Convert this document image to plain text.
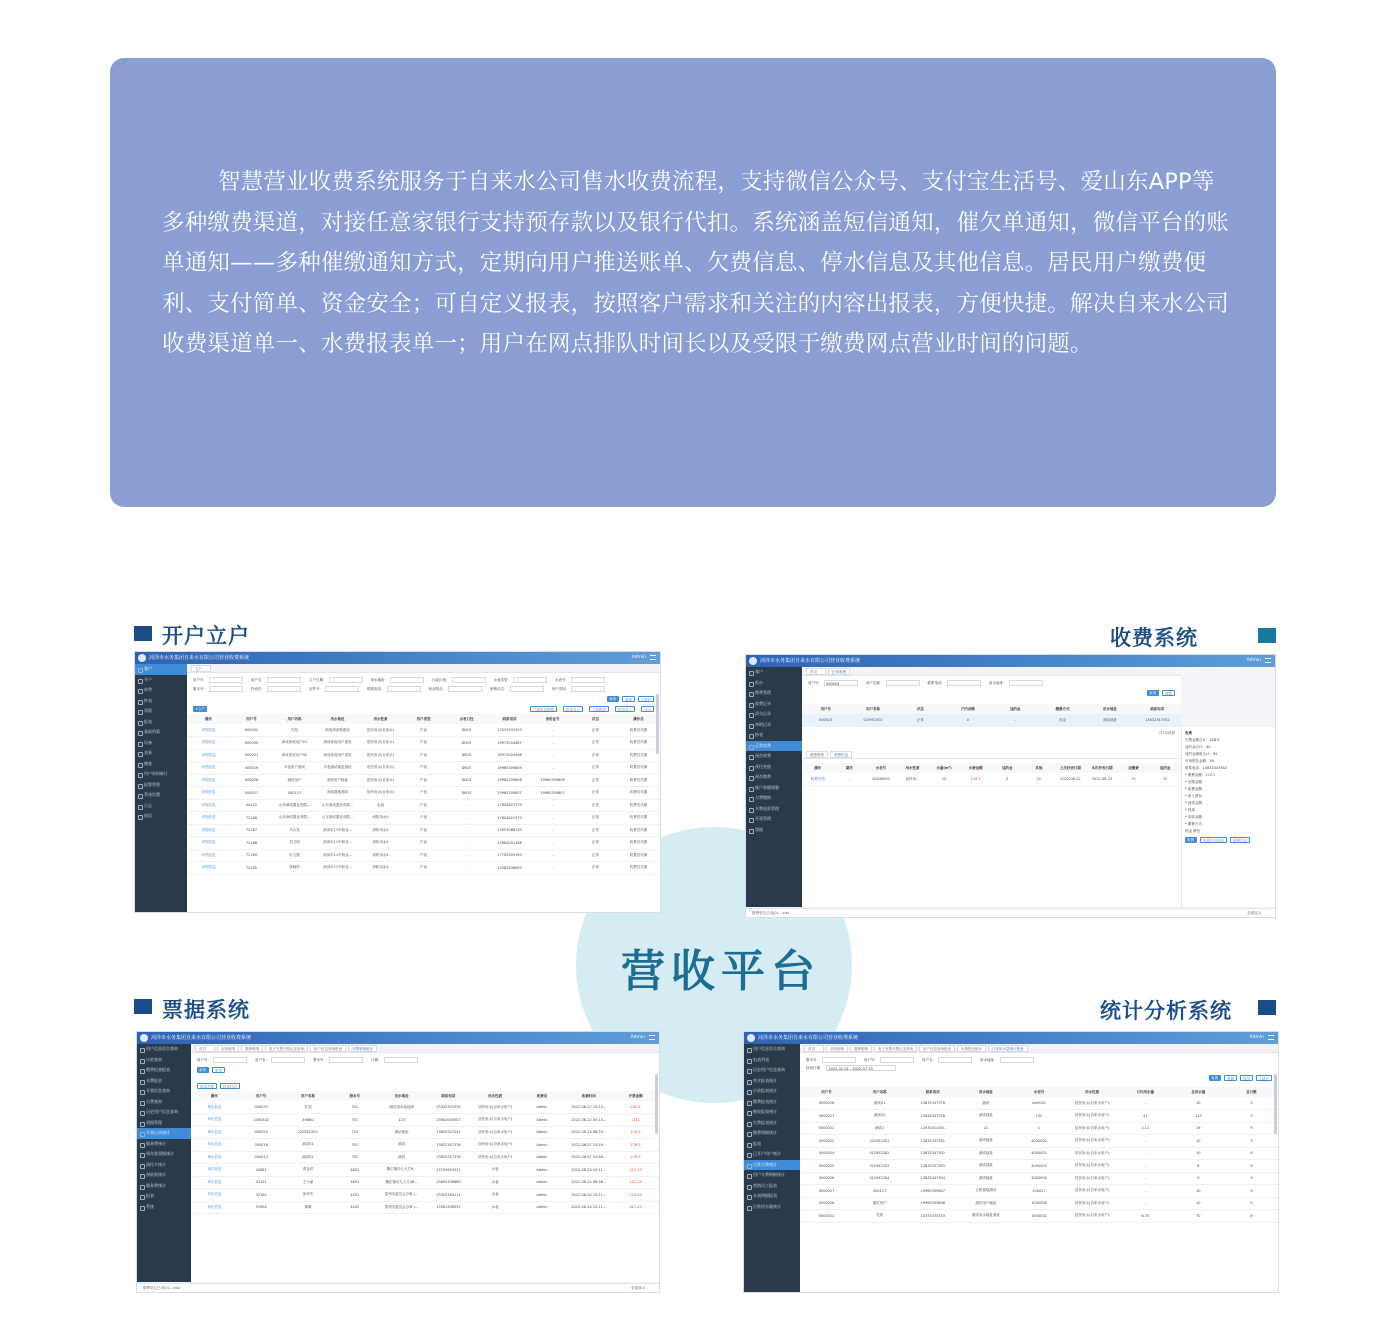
智慧营业收费系统服务于自来水公司售水收费流程，支持微信公众号、支付宝生活号、爱山东APP等多种缴费渠道，对接任意家银行支持预存款以及银行代扣。系统涵盖短信通知，催欠单通知，微信平台的账单通知——多种催缴通知方式，定期向用户推送账单、欠费信息、停水信息及其他信息。居民用户缴费便利、支付简单、资金安全；可自定义报表，按照客户需求和关注的内容出报表，方便快捷。解决自来水公司收费渠道单一、水费报表单一；用户在网点排队时间长以及受限于缴费网点营业时间的问题。

营收平台
开户立户	收费系统
票据系统	统计分析系统
菏泽市水务集团自来水有限公司营业收费系统	Admin
客户
开户
收费
抄表
票据
报表
基础档案
设备
表务
稽查
用户资料修订
报警管理
系统设置
日志
短信
立户
用户号：	用户名：	立户日期：	用水地址：	行政区划：	水表类型：	水表号：
册本号：	抄表员：	证件号：	联系电话：	营业网点：	审核状态：	用户类别：
查询	重置	+展开
+立户	下载批量模板	批量导入	下载模板	批量导入	导出
操作	用户号	用户名称	用水地址	用水性质	用户类型	水表口径	联系电话	身份证号	状态	操作员
详细信息	000032	孔知	润成菏泽路建设	居民用水(自来水)	户表	DN15	13333333333	-	正常	收费员代缴
详细信息	000030	润成家庭用户01	润成家庭用户建设	居民用水(自来水)	户表	DN15	19973004467	-	正常	收费员代缴
详细信息	000031	润成家庭用户02	润成家庭用户建设	居民用水(自来水)	户表	DN15	19973004466	-	正常	收费员代缴
详细信息	000029	多表用户测试	多表测试地址测试	居民用水(自来水)	户表	DN15	19965309809	-	正常	收费员代缴
详细信息	000028	测试用户	测试用户地址	居民用水(自来水)	户表	DN15	19965309808	19965309808	正常	收费员代缴
详细信息	000027	000127	润成置地测试	居民用水(自来水)	户表	DN15	19965309807	19965309807	正常	收费员代缴
详细信息	44422	山东润成置业有限...	山东润成置业有限...	水表	户表	-	17804622379	-	正常	收费员代缴
详细信息	72186	山东润成置业有限...	山东润成置业有限...	消防用水4	户表	-	17804622379	-	正常	收费员代缴
详细信息	72187	马永发	菏泽市11中职业...	消防用水4	户表	-	13053068139	-	正常	收费员代缴
详细信息	72188	刘卫明	菏泽市11中职业...	消防用水4	户表	-	13964001198	-	正常	收费员代缴
详细信息	72189	孔凡强	菏泽市11中职业...	消防用水4	户表	-	17705305199	-	正常	收费员代缴
详细信息	72190	张晓彤	菏泽市11中职业...	消防用水4	户表	-	13382408905	-	正常	收费员代缴
菏泽市水务集团自来水有限公司营业收费系统	Admin
客户
柜台
缴费管理
收费记录
清欠记录
冲销记录
抄表
正常收费
预存收费
预付充值
预存缴费
账户余额调整
欠费缴纳
水费退款管理
开票管理
票据
首页	正常收费
用户号：	000024	用户名称：	联系电话：	用水地址：
查询	重置
用户号	用户名称	状态	户内余额	违约金	缴费方式	用水地址	联系电话
000024	t22952302	正常	0	-	现金	测试地址	13832347552
共1条数据
缴费明细	收费信息
操作	期次	水表号	用水性质	水量(m³)	水费金额	违约金	其他	上次抄表日期	本次抄表日期	应缴费	违约金
收费详情	-	40440092	居民用...	10	116.5	0	10	2022-06-22	2022-06-23	95	95
收费
欠费金额合计：416.5
违约金合计：40
违约金减免合计：95
可用预存金额：40
联系电话：13832347552
* 缴费金额：416.5
* 应缴金额：
* 收费金额：
* 收入预存：
* 找零金额：
* 找零：
* 实收金额：
* 缴费方式：
现金 微信
收费	收费打印回执	缴费打印
缴费单位已用(0)....xlsx	全部显示
菏泽市水务集团自来水有限公司营业收费系统	Admin
用户信息综合查询
应收查询
缴费检查报表
水费报表
开票信息查询
欠费查询
历史用户信息查询
票据管理
开票记录统计
服务费统计
预存款票据统计
预付卡统计
预收款统计
服务费统计
报表
系统
首页	应收明细	缴费明细	电子发票开票记录查询	用户信息查询报表	开票明细统计
用户号：	用户名：	册本号：	日期：
查询	重置
批量开票	批量打印
操作	用户号	用户名称	册本号	用水地址	联系电话	用水性质	收费员	收费时间	开票金额
单位信息	000033	孔知	701	测试用水地址测	13333333333	居民用水(自来水用户)	Admin	2022-06-27 10:10...	182.5
单位信息	1000442	49880	701	123	13602000007	居民用水(自来水用户)	Admin	2022-06-22 00:15...	1111
单位信息	000024	t22952303	701	测试地址	13832347552	居民用水(自来水用户)	Admin	2022-06-24 08:39...	116.5
单位信息	000018	测试01	701	测试	13832347378	居民用水(自来水用户)	Admin	2022-06-07 10:59...	178.5
单位信息	000014	测试01	701	测试	13832347378	居民用水(自来水用户)	Admin	2022-06-07 10:56...	178.5
单位信息	42881	贾奋祥	4801	魏庄镇幼儿大方9...	13703653021	水表	Admin	2022-06-24 10:11...	415.25
单位信息	42121	王小丽	4801	魏庄镇幼儿大方48...	13805306869	水表	Admin	2022-06-24 08:38...	101.25
单位信息	32160	徐华杰	4402	雷州市委员会办事 (...	13303784111	水表	Admin	2022-06-24 10:11...	113.25
单位信息	31904	董琳	4402	雷州市委员会办事 (...	13581306533	水表	Admin	2022-06-24 10:11...	427.45
缴费单位已用(0)....xlsx	全部显示
菏泽市水务集团自来水有限公司营业收费系统	Admin
用户信息综合查询
电表列表
历史用户信息查询
营业报表统计
应收报表统计
缴费报表统计
催收报表统计
欠费报表统计
缴费明细统计
报表
已开户用户统计
日常欠费统计
用户欠费明细统计
营销员工报表
水表明细报表
日常用水量统计
首页	应收明细	缴费明细	电子发票开票记录查询	用户信息查询报表	水费报表统计	日常用水量统计报表
册本号：	用户号：	用户名：	用水地址：
抄表日期：	2022-01-01 - 2022-07-19
查询	重置	导出	+展开
用户号	用户名称	联系电话	用水地址	水表号	用水性质	日均用水量	总用水量	总日数
0000016	测试01	13832347378	测试	lua0001	居民用水(自来水用户)	-	10	5
0000017	测试02	13832347378	测试地址	T02	居民用水(自来水用户)	41	123	3
0000021	测试1	13932011001	22	1	居民用水(自来水用户)	2.11	19	9
0000022	t22952351	13832347351	测试地址	4000001	居民用水(自来水用户)	-	10	9
0000024	t22952302	13832347302	测试地址	4000002	居民用水(自来水用户)	-	10	9
0000025	t22952303	13832347303	测试地址	4000003	居民用水(自来水用户)	-	8	9
0000026	t22952304	13832347304	测试地址	4000004	居民用水(自来水用户)	-	6	9
0000027	000127	19965309807	云阳置地测试	100027	居民用水(自来水用户)	-	10	9
0000028	测试用户	19965309808	测试用户地址	1000028	居民用水(自来水用户)	-	10	9
0000032	孔知	13333333333	测试用水地址测试	1000032	居民用水(自来水用户)	8.75	70	8
